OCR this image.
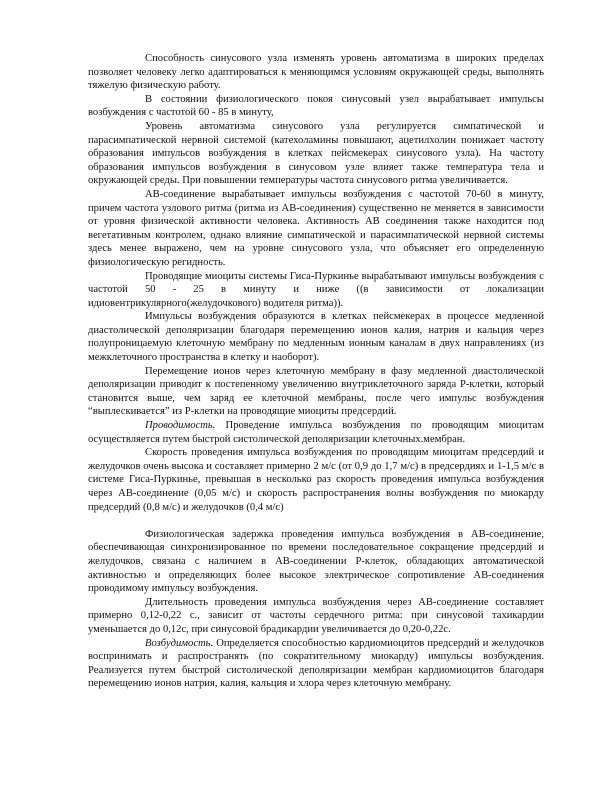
Способность синусового узла изменять уровень автоматизма в широких пределах позволяет человеку легко адаптироваться к меняющимся условиям окружающей среды, выполнять тяжелую физическую работу.

В состоянии физиологического покоя синусовый узел вырабатывает импульсы возбуждения с частотой 60 - 85 в минуту,

Уровень автоматизма синусового узла регулируется симпатической и парасимпатической нервной системой (катехоламины повышают, ацетилхолин понижает частоту образования импульсов возбуждения в клетках пейсмекерах синусового узла). На частоту образования импульсов возбуждения в синусовом узле влияет также температура тела и окружающей среды. При повышении температуры частота синусового ритма увеличивается.

АВ-соединение вырабатывает импульсы возбуждения с частотой 70-60 в минуту, причем частота узлового ритма (ритма из АВ-соединения) существенно не меняется в зависимости от уровня физической активности человека. Активность АВ соединения также находится под вегетативным контролем, однако влияние симпатической и парасимпатической нервной системы здесь менее выражено, чем на уровне синусового узла, что объясняет его определенную физиологическую регидность.

Проводящие миоциты системы Гиса-Пуркинье вырабатывают импульсы возбуждения с частотой 50 - 25 в минуту и ниже ((в зависимости от локализации идиовентрикулярного(желудочкового) водителя ритма)).

Импульсы возбуждения образуются в клетках пейсмекерах в процессе медленной диастолической деполяризации благодаря перемещению ионов калия, натрия и кальция через полупроницаемую клеточную мембрану по медленным ионным каналам в двух направлениях (из межклеточного пространства в клетку и наоборот).

Перемещение ионов через клеточную мембрану в фазу медленной диастолической деполяризации приводит к постепенному увеличению внутриклеточного заряда Р-клетки, который становится выше, чем заряд ее клеточной мембраны, после чего импульс возбуждения “выплескивается” из Р-клетки на проводящие миоциты предсердий.

Проводимость. Проведение импульса возбуждения по проводящим миоцитам осуществляется путем быстрой систолической деполяризации клеточных.мембран.

Скорость проведения импульса возбуждения по проводящим миоцитам предсердий и желудочков очень высока и составляет примерно 2 м/с (от 0,9 до 1,7 м/с) в предсердиях и 1-1,5 м/с в системе Гиса-Пуркинье, превышая в несколько раз скорость проведения импульса возбуждения через АВ-соединение (0,05 м/с) и скорость распространения волны возбуждения по миокарду предсердий (0,8 м/с) и желудочков (0,4 м/с)

Физиологическая задержка проведения импульса возбуждения в АВ-соединение, обеспечивающая синхронизированное по времени последовательное сокращение предсердий и желудочков, связана с наличием в АВ-соединении Р-клеток, обладающих автоматической активностью и определяющих более высокое электрическое сопротивление АВ-соединения проводимому импульсу возбуждения.

Длительность проведения импульса возбуждения через АВ-соединение составляет примерно 0,12-0,22 с., зависит от частоты сердечного ритма: при синусовой тахикардии уменьшается до 0,12с, при синусовой брадикардии увеличивается до 0,20-0,22с.

Возбудимость. Определяется способностью кардиомиоцитов предсердий и желудочков воспринимать и распространять (по сократительному миокарду) импульсы возбуждения. Реализуется путем быстрой систолической деполяризации мембран кардиомиоцитов благодаря перемещению ионов натрия, калия, кальция и хлора через клеточную мембрану.
